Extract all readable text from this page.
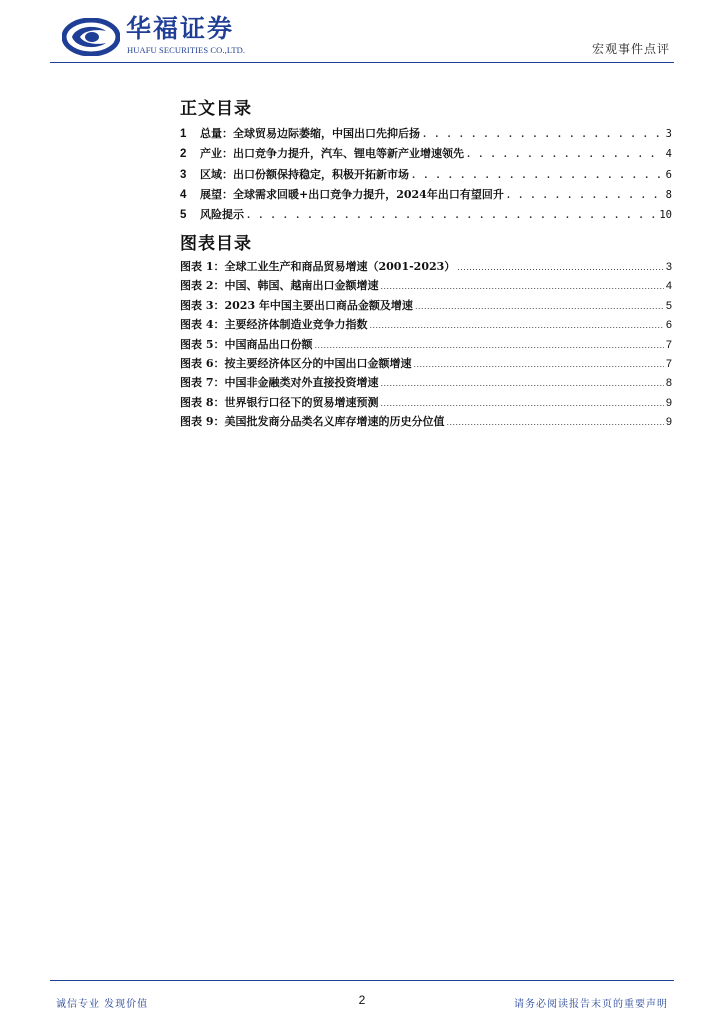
华福证券
HUAFU SECURITIES CO.,LTD.	宏观事件点评
正文目录
1	总量：全球贸易边际萎缩，中国出口先抑后扬 . . .	3
2	产业：出口竞争力提升，汽车、锂电等新产业增速领先 . . .	4
3	区域：出口份额保持稳定，积极开拓新市场 . . .	6
4	展望：全球需求回暖+出口竞争力提升，2024年出口有望回升 . . .	8
5	风险提示 . . .	10
图表目录
图表 1： 全球工业生产和商品贸易增速（2001-2023） .....	3
图表 2： 中国、韩国、越南出口金额增速 .....	4
图表 3： 2023 年中国主要出口商品金额及增速 .....	5
图表 4： 主要经济体制造业竞争力指数 .....	6
图表 5： 中国商品出口份额 .....	7
图表 6： 按主要经济体区分的中国出口金额增速 .....	7
图表 7： 中国非金融类对外直接投资增速 .....	8
图表 8： 世界银行口径下的贸易增速预测 .....	9
图表 9： 美国批发商分品类名义库存增速的历史分位值 .....	9
诚信专业 发现价值	2	请务必阅读报告末页的重要声明
